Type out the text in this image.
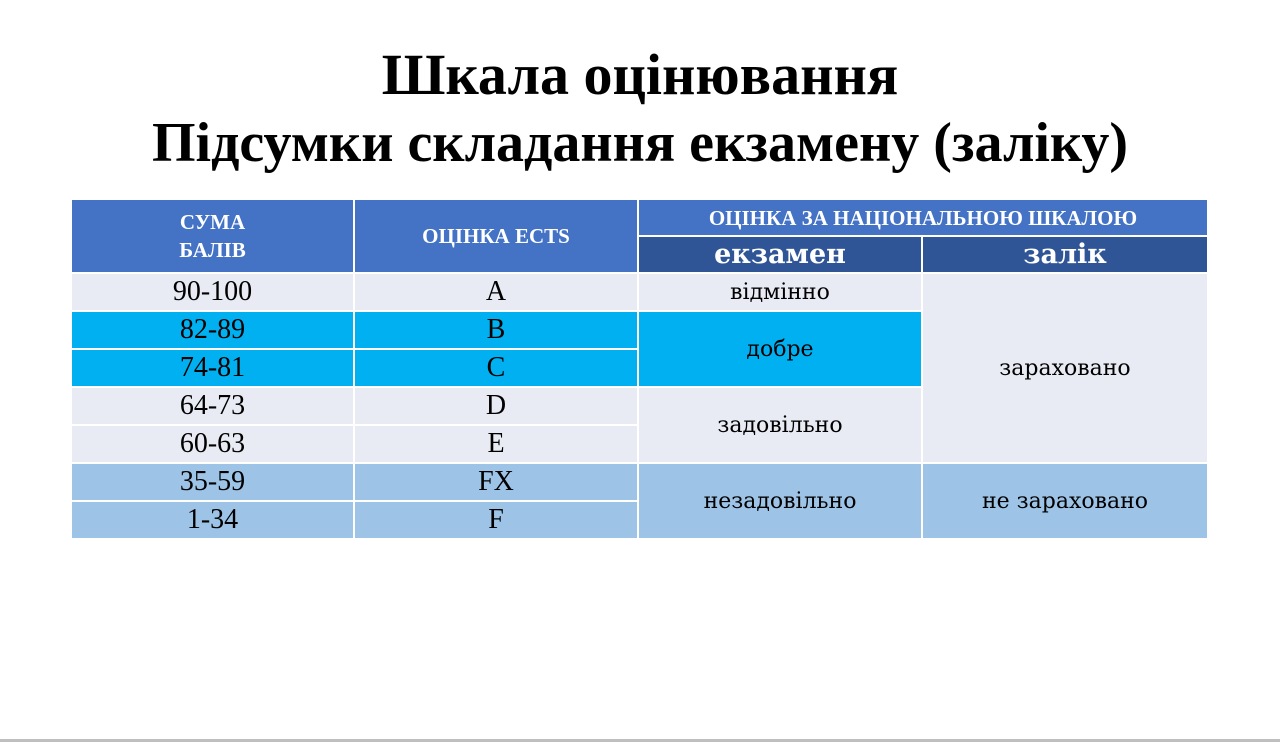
Шкала оцінювання
Підсумки складання екзамену (заліку)
СУМА БАЛІВ	ОЦІНКА ECTS	ОЦІНКА ЗА НАЦІОНАЛЬНОЮ ШКАЛОЮ	
		екзамен	залік
90-100	A	відмінно	зараховано
82-89	B	добре	
74-81	C		
64-73	D	задовільно	
60-63	E		
35-59	FX	незадовільно	не зараховано
1-34	F		
